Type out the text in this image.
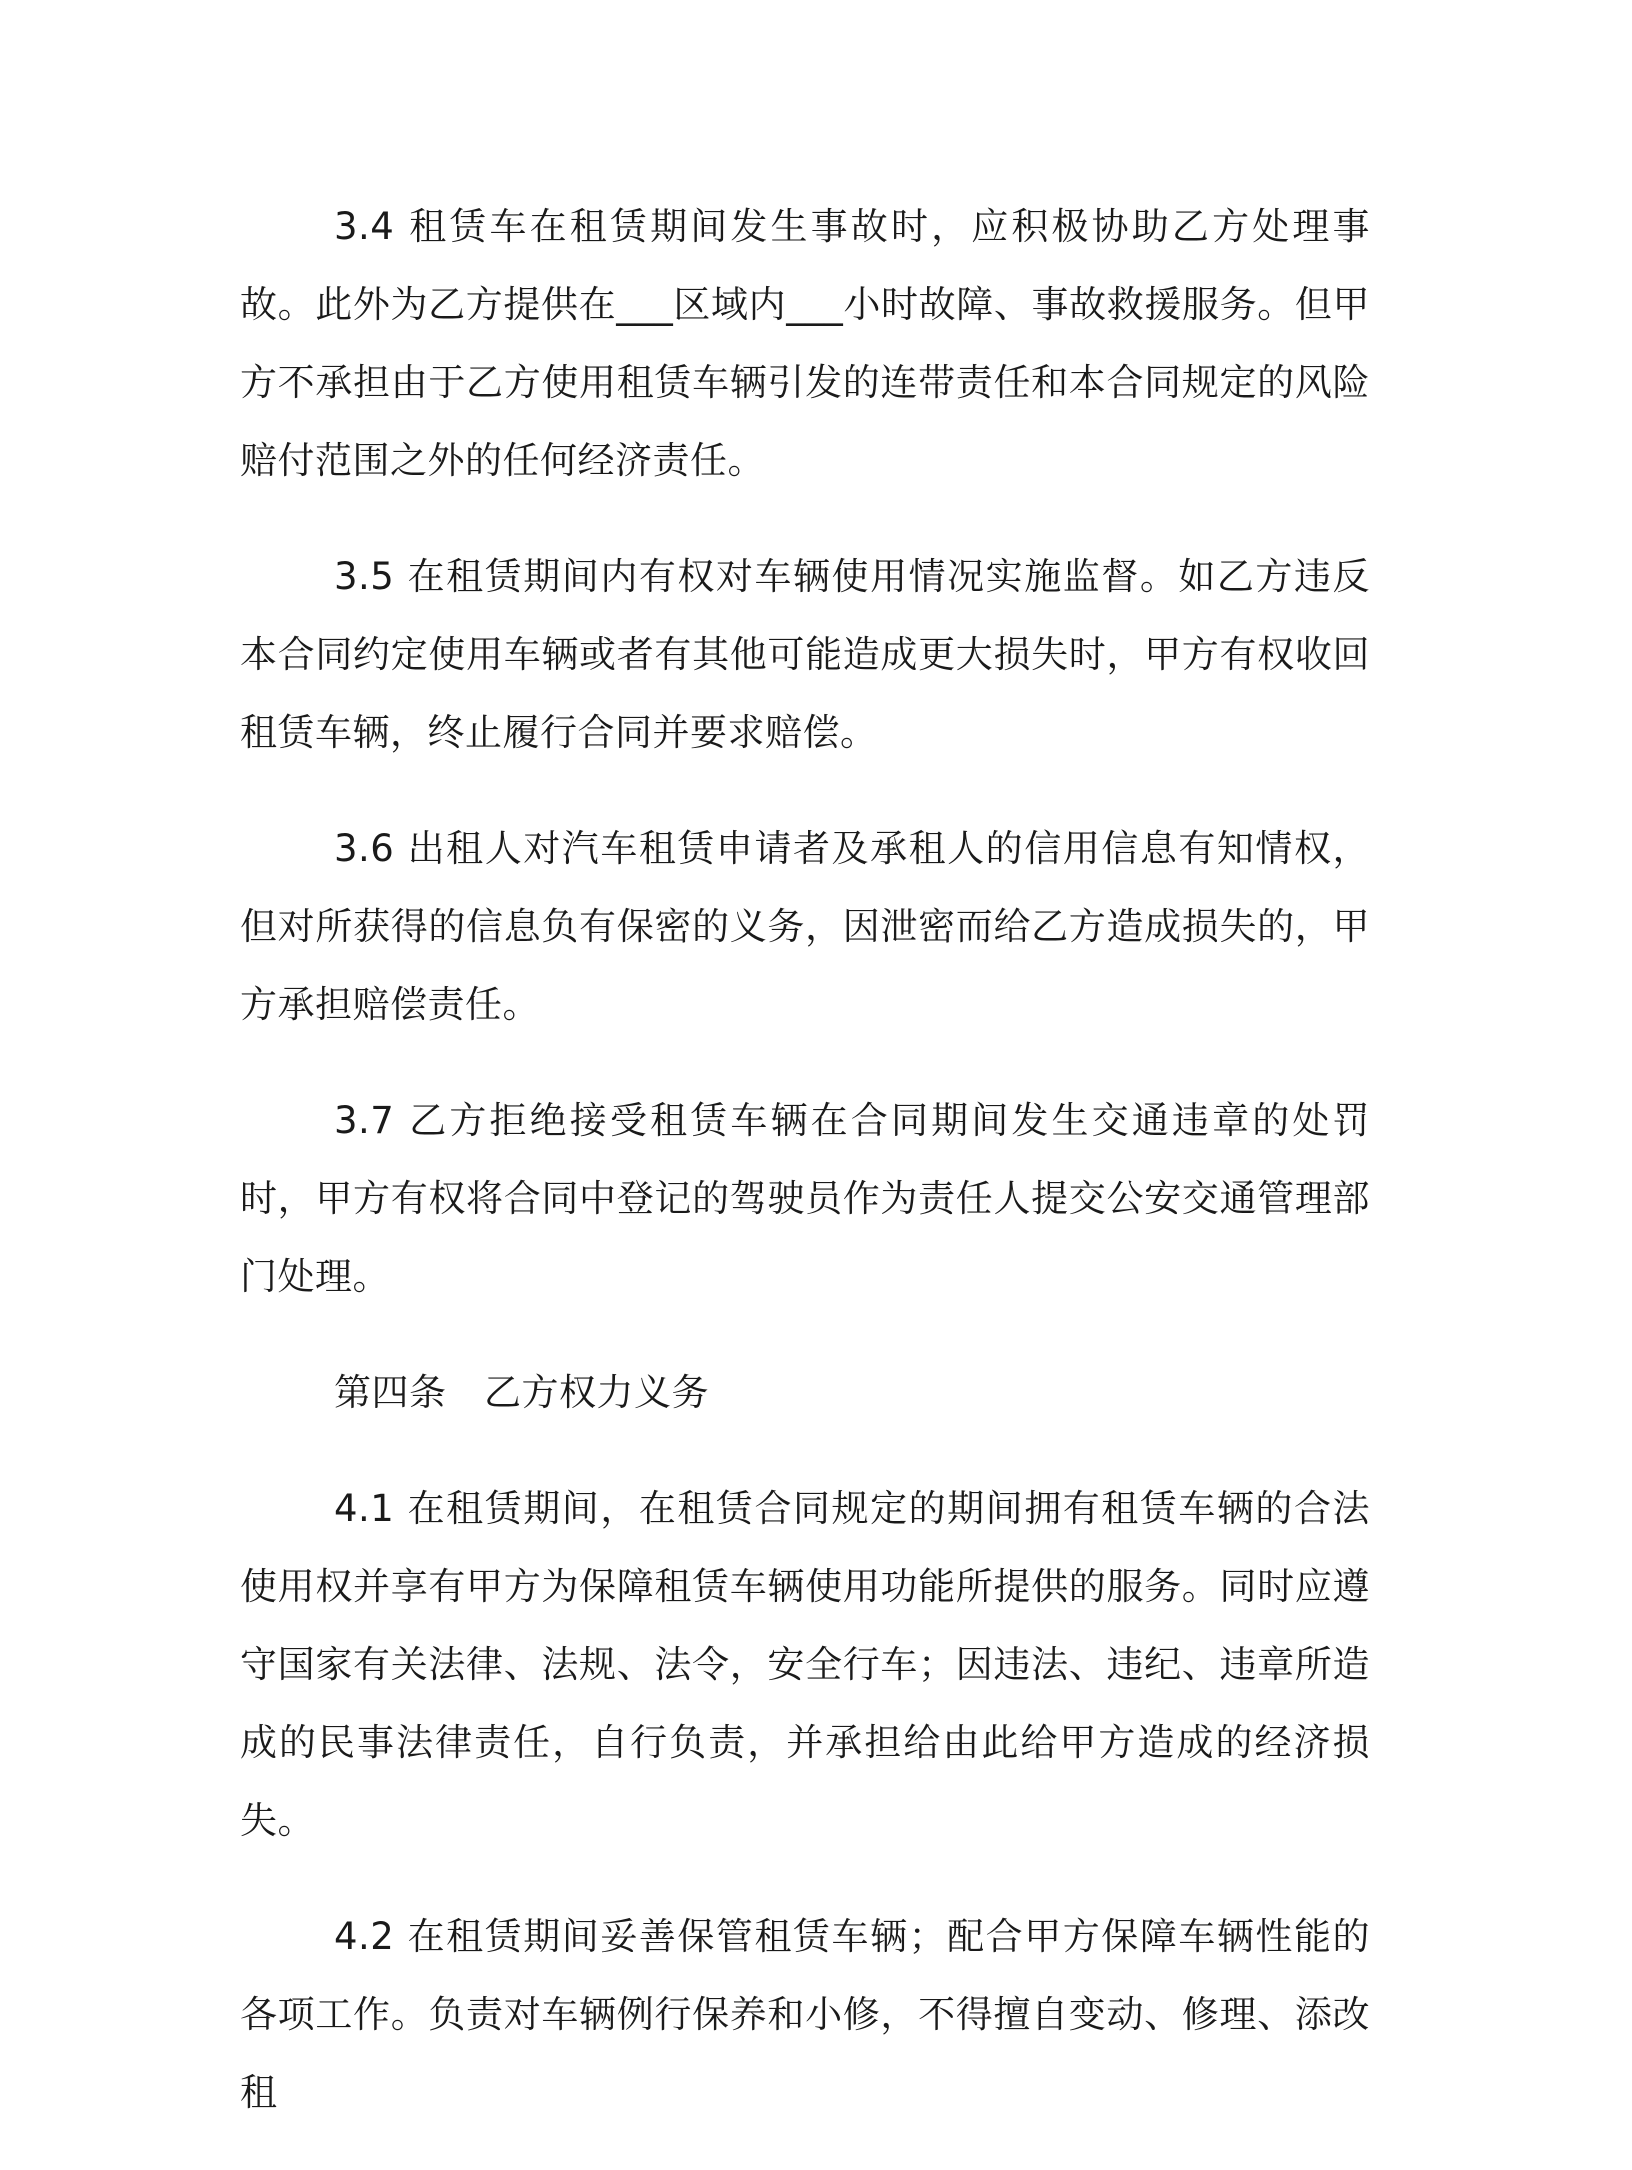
3.4 租赁车在租赁期间发生事故时，应积极协助乙方处理事故。此外为乙方提供在___区域内___小时故障、事故救援服务。但甲方不承担由于乙方使用租赁车辆引发的连带责任和本合同规定的风险赔付范围之外的任何经济责任。

3.5 在租赁期间内有权对车辆使用情况实施监督。如乙方违反本合同约定使用车辆或者有其他可能造成更大损失时，甲方有权收回租赁车辆，终止履行合同并要求赔偿。

3.6 出租人对汽车租赁申请者及承租人的信用信息有知情权，但对所获得的信息负有保密的义务，因泄密而给乙方造成损失的，甲方承担赔偿责任。

3.7 乙方拒绝接受租赁车辆在合同期间发生交通违章的处罚时，甲方有权将合同中登记的驾驶员作为责任人提交公安交通管理部门处理。

第四条　乙方权力义务

4.1 在租赁期间，在租赁合同规定的期间拥有租赁车辆的合法使用权并享有甲方为保障租赁车辆使用功能所提供的服务。同时应遵守国家有关法律、法规、法令，安全行车；因违法、违纪、违章所造成的民事法律责任，自行负责，并承担给由此给甲方造成的经济损失。

4.2 在租赁期间妥善保管租赁车辆；配合甲方保障车辆性能的各项工作。负责对车辆例行保养和小修，不得擅自变动、修理、添改租
